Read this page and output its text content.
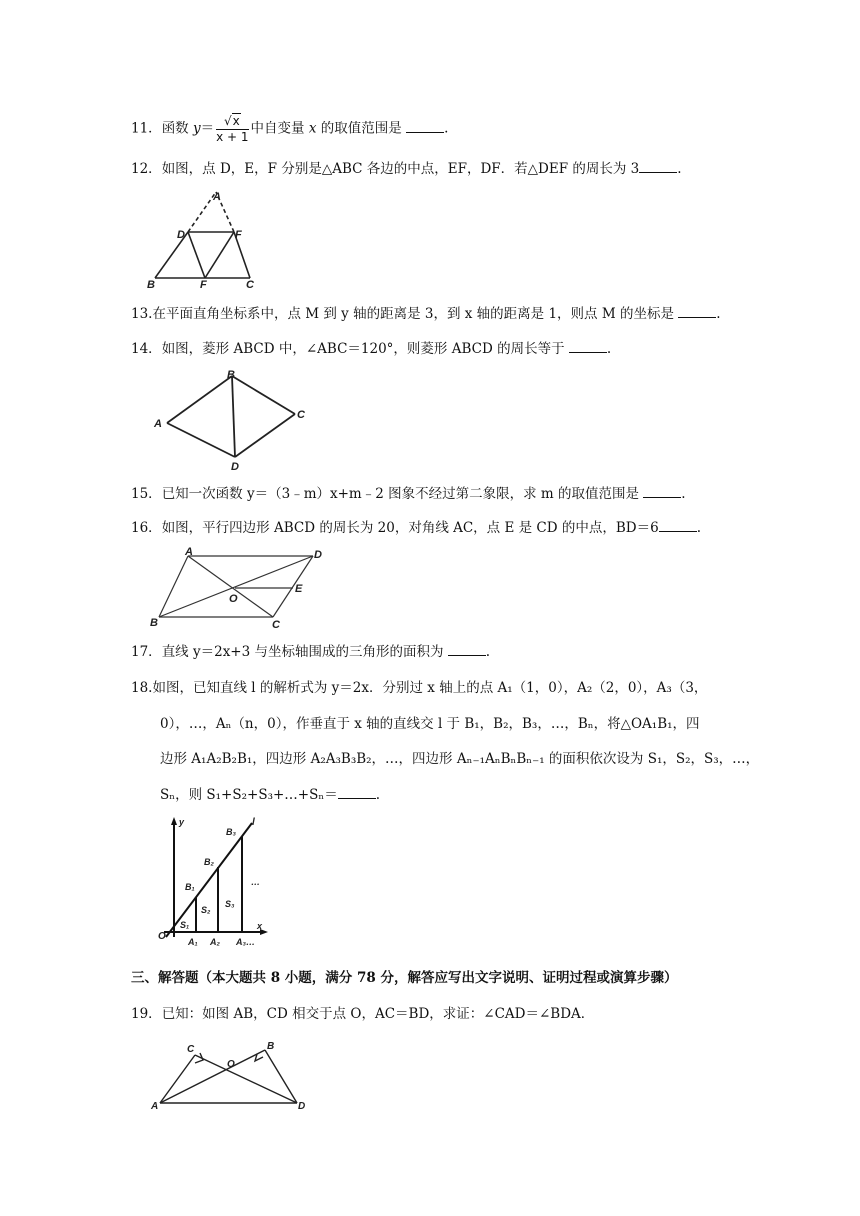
11．函数 $y= \frac{√x}{x + 1}$ 中自变量 x 的取值范围是	.
12．如图，点 D，E，F 分别是△ABC 各边的中点，EF，DF．若△DEF 的周长为 3	.
A
D	F
B	F	C
13.在平面直角坐标系中，点 M 到 y 轴的距离是 3，到 x 轴的距离是 1，则点 M 的坐标是	.
14．如图，菱形 ABCD 中，∠ABC＝120°，则菱形 ABCD 的周长等于	.
A
B
C
D
15．已知一次函数 y＝（3﹣m）x+m﹣2 图象不经过第二象限，求 m 的取值范围是	.
16．如图，平行四边形 ABCD 的周长为 20，对角线 AC，点 E 是 CD 的中点，BD＝6	.
A	D
B	C
O
E
17．直线 y＝2x+3 与坐标轴围成的三角形的面积为	.
18.如图，已知直线 l 的解析式为 y＝2x．分别过 x 轴上的点 A₁（1，0），A₂（2，0），A₃（3，
0），…，Aₙ（n，0），作垂直于 x 轴的直线交 l 于 B₁，B₂，B₃，…，Bₙ，将△OA₁B₁，四
边形 A₁A₂B₂B₁，四边形 A₂A₃B₃B₂，…，四边形 Aₙ₋₁AₙBₙBₙ₋₁ 的面积依次设为 S₁，S₂，S₃，…，
Sₙ，则 S₁+S₂+S₃+…+Sₙ＝	.
y
x
O
l
B₁
B₂
B₃
S₁
S₂
S₃
A₁ A₂ A₃…
…
三、解答题（本大题共 8 小题，满分 78 分，解答应写出文字说明、证明过程或演算步骤）
19．已知：如图 AB，CD 相交于点 O，AC＝BD，求证：∠CAD＝∠BDA．
A
C	B
D
O
